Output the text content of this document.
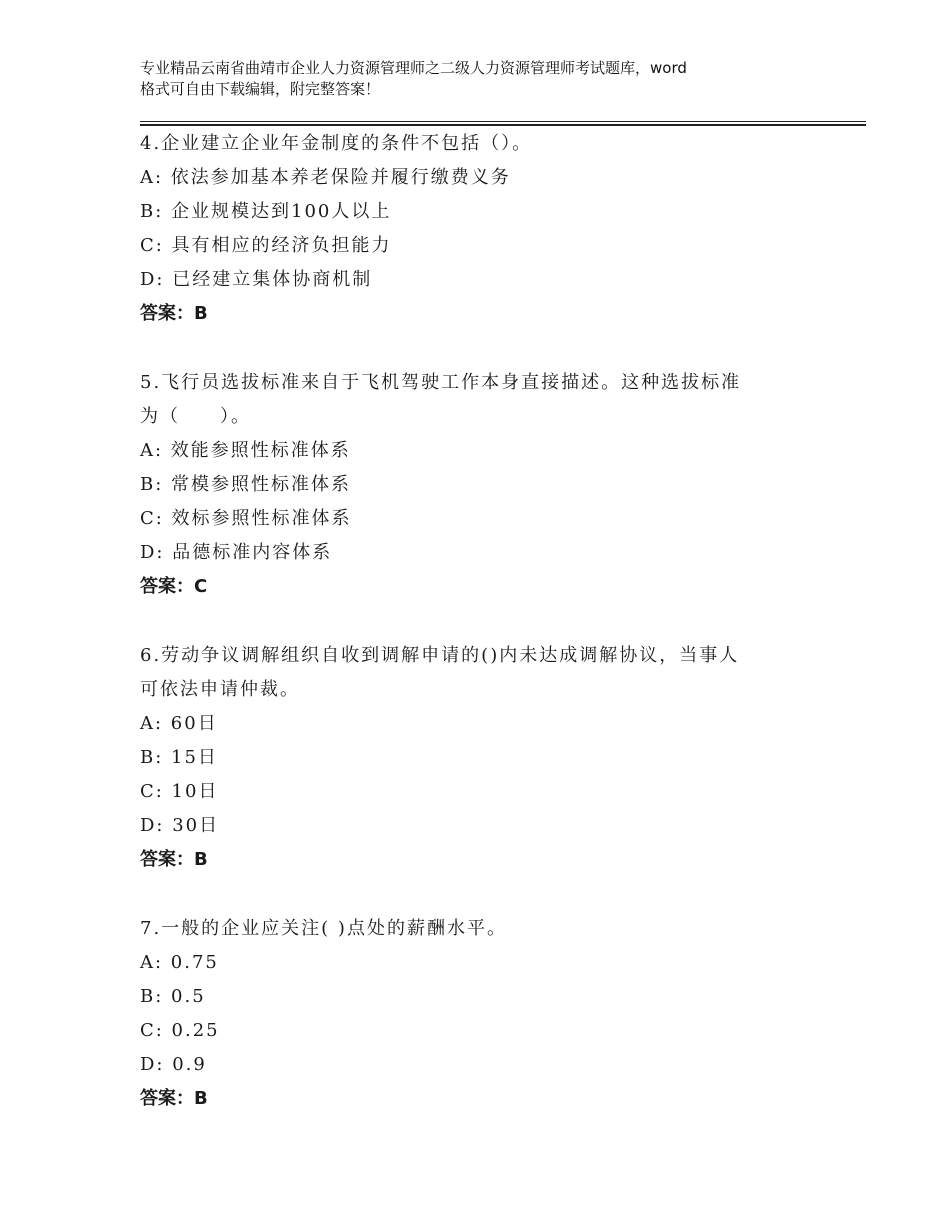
专业精品云南省曲靖市企业人力资源管理师之二级人力资源管理师考试题库，word
格式可自由下载编辑，附完整答案！

4.企业建立企业年金制度的条件不包括（）。

A: 依法参加基本养老保险并履行缴费义务

B: 企业规模达到100人以上

C: 具有相应的经济负担能力

D: 已经建立集体协商机制

答案：B

5.飞行员选拔标准来自于飞机驾驶工作本身直接描述。这种选拔标准

为（　　）。

A: 效能参照性标准体系

B: 常模参照性标准体系

C: 效标参照性标准体系

D: 品德标准内容体系

答案：C

6.劳动争议调解组织自收到调解申请的()内未达成调解协议，当事人

可依法申请仲裁。

A: 60日

B: 15日

C: 10日

D: 30日

答案：B

7.一般的企业应关注( )点处的薪酬水平。

A: 0.75

B: 0.5

C: 0.25

D: 0.9

答案：B
